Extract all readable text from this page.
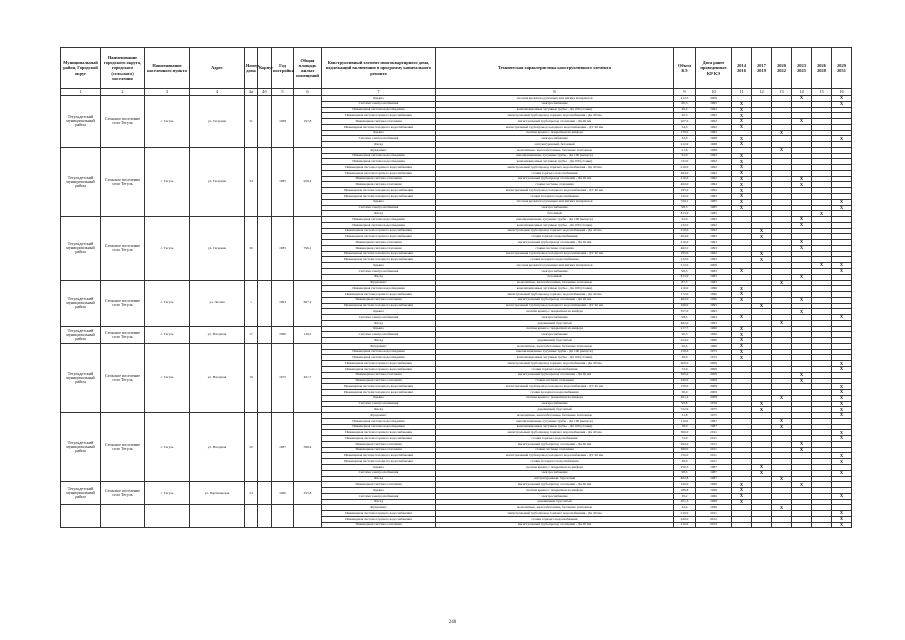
Муниципальный район, Городской округ	Наименование городского округа, городского (сельского) поселения	Наименование населенного пункта	Адрес	Номер дома	Корпус	Год постройки	Общая площадь жилых помещений	Конструктивный элемент многоквартирного дома, подлежащий включению в программу капитального ремонта	Техническая характеристика конструктивного элемента	Объем КЭ	Дата ранее проведенных КР КЭ	2014 2016	2017 2019	2020 2022	2023 2025	2026 2028	2029 2031
1	2	3	4	4а	4б	5	6	7	8	9	10	11	12	13	14	15	16
Тегульдетский муниципальный район	Сельское поселение село Тегуль	с. Тегуль	ул. Гагарина	31		1968	197,8	Крыша	плоская кровля из рулонных или мягких материалов	412,5	2009				X		X
								Система электроснабжения	электроснабжение	60,3	1995	X					X
								Инженерная система водоотведения	канализационные чугунные трубы - Дн 100 (стояки)	26,2	1992	X					
								Инженерная система горячего водоснабжения	магистральный трубопровод горячего водоснабжения - Дн 40 мм	26,3	1992	X					
								Инженерная система отопления	магистральный трубопровод отопления - Дн 40 мм	167,0	1992	X			X		
								Инженерная система холодного водоснабжения	магистральный трубопровод холодного водоснабжения - ДУ 40 мм	34,3	1992	X					
								Крыша	скатная крыша с покрытием из шифера	170,0	1992			X			
								Система электроснабжения	электроснабжение	34,3	1968	X					X
								Фасад	оштукатуренный, бетонный	212,9	1968	X					
Тегульдетский муниципальный район	Сельское поселение село Тегуль	с. Тегуль	ул. Гагарина	34		1985	958,4	Фундамент	монолитные, железобетонные, бетонные ленточные	21,6	1968			X			
								Инженерная система водоотведения	канализационные чугунные трубы - Дн 100 (выпуск)	52,0	1992	X					
								Инженерная система водоотведения	канализационные чугунные трубы - Дн 100 (стояки)	132,0	1992	X					
								Инженерная система горячего водоснабжения	магистральный трубопровод горячего водоснабжения - Дн 40 мм	210,0	1992	X					
								Инженерная система горячего водоснабжения	стояки горячего водоснабжения	204,0	1992	X					
								Инженерная система отопления	магистральный трубопровод отопления - Дн 40 мм	210,0	1992	X			X		
								Инженерная система отопления	стояки системы отопления	462,0	1992	X			X		
								Инженерная система холодного водоснабжения	магистральный трубопровод холодного водоснабжения - ДУ 40 мм	195,0	1992	X					
								Инженерная система холодного водоснабжения	стояки холодного водоснабжения	132,0	1992	X					
								Крыша	плоская кровля из рулонных или мягких материалов	729,1	1985	X					X
								Система электроснабжения	электроснабжение	98,3	1985	X					X
								Фасад	бетонный	813,9	1985					X	
Тегульдетский муниципальный район	Сельское поселение село Тегуль	с. Тегуль	ул. Гагарина	36		1983	796,1	Инженерная система водоотведения	канализационные чугунные трубы - Дн 100 (выпуск)	52,0	1992				X		
								Инженерная система водоотведения	канализационные чугунные трубы - Дн 100 (стояки)	132,0	1992				X		
								Инженерная система горячего водоснабжения	магистральный трубопровод горячего водоснабжения - Дн 40 мм	210,0	1992		X				
								Инженерная система горячего водоснабжения	стояки горячего водоснабжения	204,0	1992		X				
								Инженерная система отопления	магистральный трубопровод отопления - Дн 40 мм	210,0	1993				X		
								Инженерная система отопления	стояки системы отопления	462,0	1993				X		
								Инженерная система холодного водоснабжения	магистральный трубопровод холодного водоснабжения - ДУ 40 мм	195,0	1992		X				
								Инженерная система холодного водоснабжения	стояки холодного водоснабжения	132,0	1992		X				
								Крыша	плоская кровля из рулонных или мягких материалов	513,0	2009					X	X
								Система электроснабжения	электроснабжение	98,3	1983	X					X
								Фасад	бетонный	813,9	1983				X		
Тегульдетский муниципальный район	Сельское поселение село Тегуль	с. Тегуль	ул. Лесная	1		1993	607,2	Фундамент	монолитные, железобетонные, бетонные ленточные	87,3	1983			X			
								Инженерная система водоотведения	канализационные чугунные трубы - Дн 100 (стояки)	110,0	1990	X					
								Инженерная система горячего водоснабжения	магистральный трубопровод горячего водоснабжения - Дн 40 мм	172,0	1990	X					
								Инженерная система отопления	магистральный трубопровод отопления - Дн 40 мм	462,0	1990	X			X		
								Инженерная система холодного водоснабжения	магистральный трубопровод холодного водоснабжения - ДУ 40 мм	160,0	1993		X				
								Крыша	скатная крыша с покрытием из шифера	357,0	1993				X		
								Система электроснабжения	электроснабжение	98,3	1993	X					X
								Фасад	деревянный, брусчатый	492,0	1993			X			
Тегульдетский муниципальный район	Сельское поселение село Тегуль	с. Тегуль	ул. Нагорная	17		1960	128,2	Крыша	скатная крыша с покрытием из шифера	217,7	1960	X					
								Система электроснабжения	электроснабжение	20,3	1960	X					
								Фасад	деревянный, брусчатый	224,0	1960	X					
Тегульдетский муниципальный район	Сельское поселение село Тегуль	с. Тегуль	ул. Нагорная	19		1975	401,7	Фундамент	монолитные, железобетонные, бетонные ленточные	26,3	1960	X					
								Инженерная система водоотведения	канализационные чугунные трубы - Дн 100 (выпуск)	150,0	1975	X					
								Инженерная система водоотведения	канализационные чугунные трубы - Дн 100 (стояки)	36,0	1975	X					
								Инженерная система горячего водоснабжения	магистральный трубопровод горячего водоснабжения - Дн 40 мм	200,0	2009						X
								Инженерная система горячего водоснабжения	стояки горячего водоснабжения	72,0	2009						X
								Инженерная система отопления	магистральный трубопровод отопления - Дн 40 мм	300,0	2009				X		
								Инженерная система отопления	стояки системы отопления	240,0	2009				X		
								Инженерная система холодного водоснабжения	магистральный трубопровод холодного водоснабжения - ДУ 40 мм	150,0	2009						X
								Инженерная система холодного водоснабжения	стояки холодного водоснабжения	36,0	2009						X
								Крыша	скатная крыша с покрытием из шифера	491,4	2008			X			X
								Система электроснабжения	электроснабжение	99,8	1976		X				X
								Фасад	деревянный, брусчатый	722,9	1975		X				X
Тегульдетский муниципальный район	Сельское поселение село Тегуль	с. Тегуль	ул. Нагорная	20		1987	588,4	Фундамент	монолитные, железобетонные, бетонные ленточные	31,8	1975						X
								Инженерная система водоотведения	канализационные чугунные трубы - Дн 100 (выпуск)	110,0	1987			X			
								Инженерная система водоотведения	канализационные чугунные трубы - Дн 100 (стояки)	18,0	1987			X			
								Инженерная система горячего водоснабжения	магистральный трубопровод горячего водоснабжения - Дн 40 мм	300,0	2011						X
								Инженерная система горячего водоснабжения	стояки горячего водоснабжения	72,0	2011						X
								Инженерная система отопления	магистральный трубопровод отопления - Дн 40 мм	292,0	2011				X		
								Инженерная система отопления	стояки системы отопления	360,0	2011				X		
								Инженерная система холодного водоснабжения	магистральный трубопровод холодного водоснабжения - ДУ 40 мм	150,0	2011						X
								Инженерная система холодного водоснабжения	стояки холодного водоснабжения	36,0	2011						X
								Крыша	скатная крыша с покрытием из шифера	250,5	1987		X				
								Система электроснабжения	электроснабжение	98,3	1987		X				X
								Фасад	оштукатуренный, брусчатый	462,8	1987			X			
Тегульдетский муниципальный район	Сельское поселение село Тегуль	с. Тегуль	ул. Партизанская	24		1966	255,8	Инженерная система отопления	магистральный трубопровод отопления - Дн 40 мм	120,0	1966	X			X		
								Крыша	скатная крыша с покрытием из шифера	186,8	1966	X					
								Система электроснабжения	электроснабжение	39,2	1966	X					X
								Фасад	деревянный, брусчатый	201,3	1966	X					
								Фундамент	монолитные, железобетонные, бетонные ленточные	22,4	1966			X			
								Инженерная система горячего водоснабжения	магистральный трубопровод горячего водоснабжения - Дн 40 мм	210,0	2011						X
								Инженерная система горячего водоснабжения	стояки горячего водоснабжения	220,0	2012						X
								Инженерная система отопления	магистральный трубопровод отопления - Дн 40 мм	210,0	2013						X
240
